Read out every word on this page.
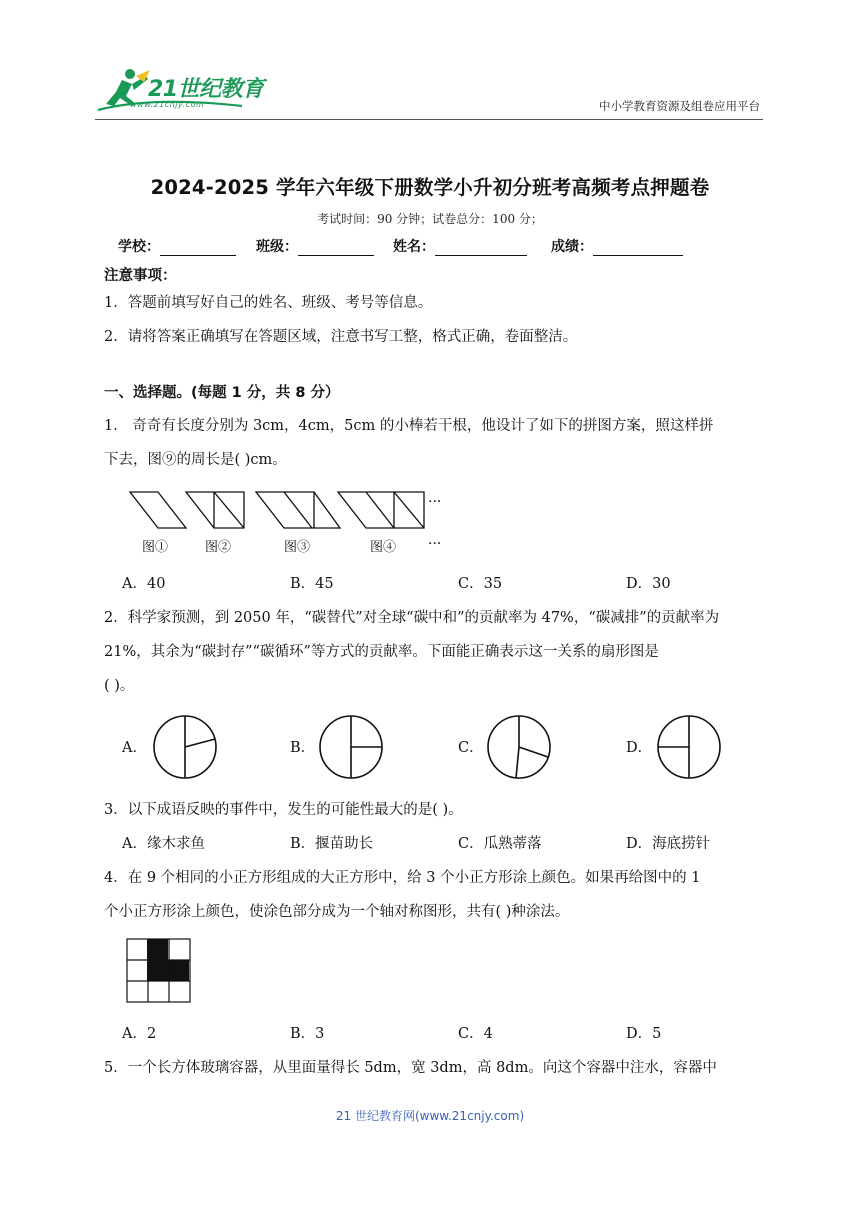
21世纪教育
www.21cnjy.com	中小学教育资源及组卷应用平台
2024-2025 学年六年级下册数学小升初分班考高频考点押题卷
考试时间：90 分钟；试卷总分：100 分；
学校：	班级：	姓名：	成绩：
注意事项：
1．答题前填写好自己的姓名、班级、考号等信息。
2．请将答案正确填写在答题区域，注意书写工整，格式正确，卷面整洁。
一、选择题。(每题 1 分，共 8 分）
1． 奇奇有长度分别为 3cm，4cm，5cm 的小棒若干根，他设计了如下的拼图方案，照这样拼
下去，图⑨的周长是( )cm。
···
···
图①	图②	图③	图④
A．40	B．45	C．35	D．30
2．科学家预测，到 2050 年，“碳替代”对全球“碳中和”的贡献率为 47%，“碳减排”的贡献率为
21%，其余为“碳封存”“碳循环”等方式的贡献率。下面能正确表示这一关系的扇形图是
( )。
A．	B．	C．	D．
3．以下成语反映的事件中，发生的可能性最大的是( )。
A．缘木求鱼	B．揠苗助长	C．瓜熟蒂落	D．海底捞针
4．在 9 个相同的小正方形组成的大正方形中，给 3 个小正方形涂上颜色。如果再给图中的 1
个小正方形涂上颜色，使涂色部分成为一个轴对称图形，共有( )种涂法。
A．2	B．3	C．4	D．5
5．一个长方体玻璃容器，从里面量得长 5dm，宽 3dm，高 8dm。向这个容器中注水，容器中
21 世纪教育网(www.21cnjy.com)
